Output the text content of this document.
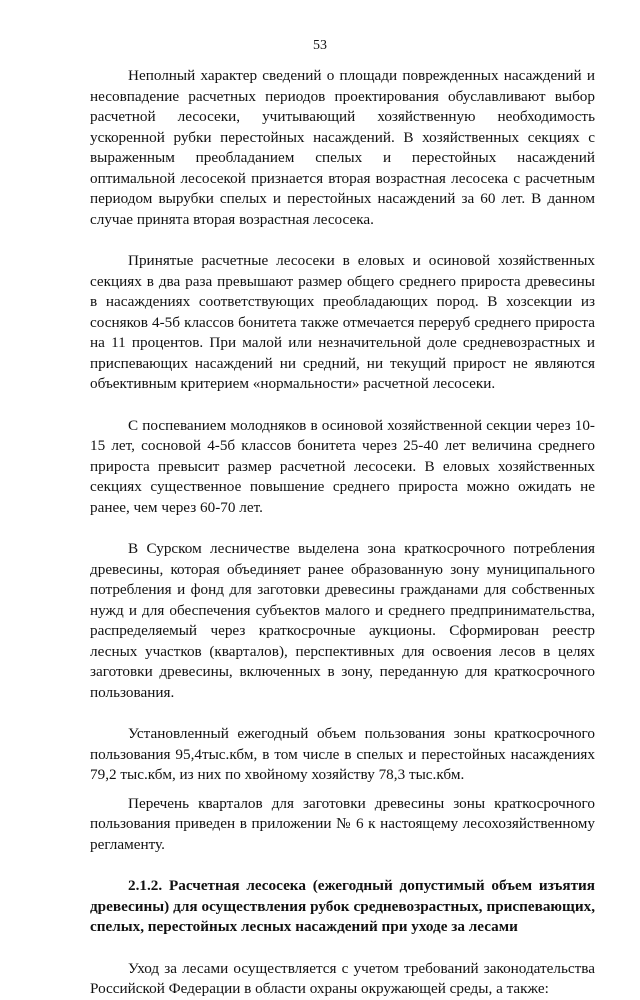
53

Неполный характер сведений о площади поврежденных насаждений и несовпадение расчетных периодов проектирования обуславливают выбор расчетной лесосеки, учитывающий хозяйственную необходимость ускоренной рубки перестойных насаждений. В хозяйственных секциях с выраженным преобладанием спелых и перестойных насаждений оптимальной лесосекой признается вторая возрастная лесосека с расчетным периодом вырубки спелых и перестойных насаждений за 60 лет. В данном случае принята вторая возрастная лесосека.

Принятые расчетные лесосеки в еловых и осиновой хозяйственных секциях в два раза превышают размер общего среднего прироста древесины в насаждениях соответствующих преобладающих пород. В хозсекции из сосняков 4-5б классов бонитета также отмечается переруб среднего прироста на 11 процентов. При малой или незначительной доле средневозрастных и приспевающих насаждений ни средний, ни текущий прирост не являются объективным критерием «нормальности» расчетной лесосеки.

С поспеванием молодняков в осиновой хозяйственной секции через 10-15 лет, сосновой 4-5б классов бонитета через 25-40 лет величина среднего прироста превысит размер расчетной лесосеки. В еловых хозяйственных секциях существенное повышение среднего прироста можно ожидать не ранее, чем через 60-70 лет.

В Сурском лесничестве выделена зона краткосрочного потребления древесины, которая объединяет ранее образованную зону муниципального потребления и фонд для заготовки древесины гражданами для собственных нужд и для обеспечения субъектов малого и среднего предпринимательства, распределяемый через краткосрочные аукционы. Сформирован реестр лесных участков (кварталов), перспективных для освоения лесов в целях заготовки древесины, включенных в зону, переданную для краткосрочного пользования.

Установленный ежегодный объем пользования зоны краткосрочного пользования 95,4тыс.кбм, в том числе в спелых и перестойных насаждениях 79,2 тыс.кбм, из них по хвойному хозяйству 78,3 тыс.кбм.

Перечень кварталов для заготовки древесины зоны краткосрочного пользования приведен в приложении № 6 к настоящему лесохозяйственному регламенту.

2.1.2. Расчетная лесосека (ежегодный допустимый объем изъятия древесины) для осуществления рубок средневозрастных, приспевающих, спелых, перестойных лесных насаждений при уходе за лесами

Уход за лесами осуществляется с учетом требований законодательства Российской Федерации в области охраны окружающей среды, а также:
